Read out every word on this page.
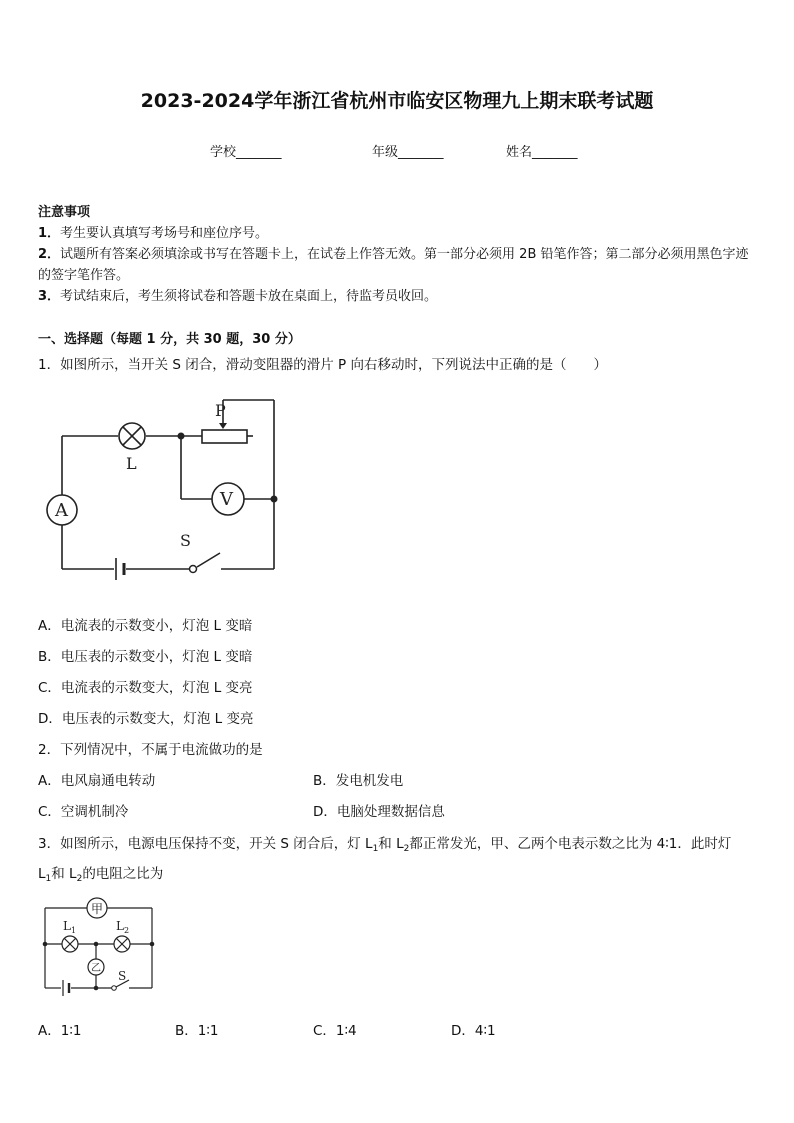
2023-2024学年浙江省杭州市临安区物理九上期末联考试题
学校_______	年级_______	姓名_______
注意事项
1．考生要认真填写考场号和座位序号。
2．试题所有答案必须填涂或书写在答题卡上，在试卷上作答无效。第一部分必须用 2B 铅笔作答；第二部分必须用黑色字迹的签字笔作答。
3．考试结束后，考生须将试卷和答题卡放在桌面上，待监考员收回。
一、选择题（每题 1 分，共 30 题，30 分）
1．如图所示，当开关 S 闭合，滑动变阻器的滑片 P 向右移动时，下列说法中正确的是（　　）
P
L
A
V
S
A．电流表的示数变小，灯泡 L 变暗
B．电压表的示数变小，灯泡 L 变暗
C．电流表的示数变大，灯泡 L 变亮
D．电压表的示数变大，灯泡 L 变亮
2．下列情况中，不属于电流做功的是
A．电风扇通电转动	B．发电机发电
C．空调机制冷	D．电脑处理数据信息
3．如图所示，电源电压保持不变，开关 S 闭合后，灯 $L_1$和 $L_2$都正常发光，甲、乙两个电表示数之比为 4∶1．此时灯
$L_1$和 $L_2$的电阻之比为
甲
乙
$L_1$	$L_2$
S
A．1∶1	B．1∶1	C．1∶4	D．4∶1
